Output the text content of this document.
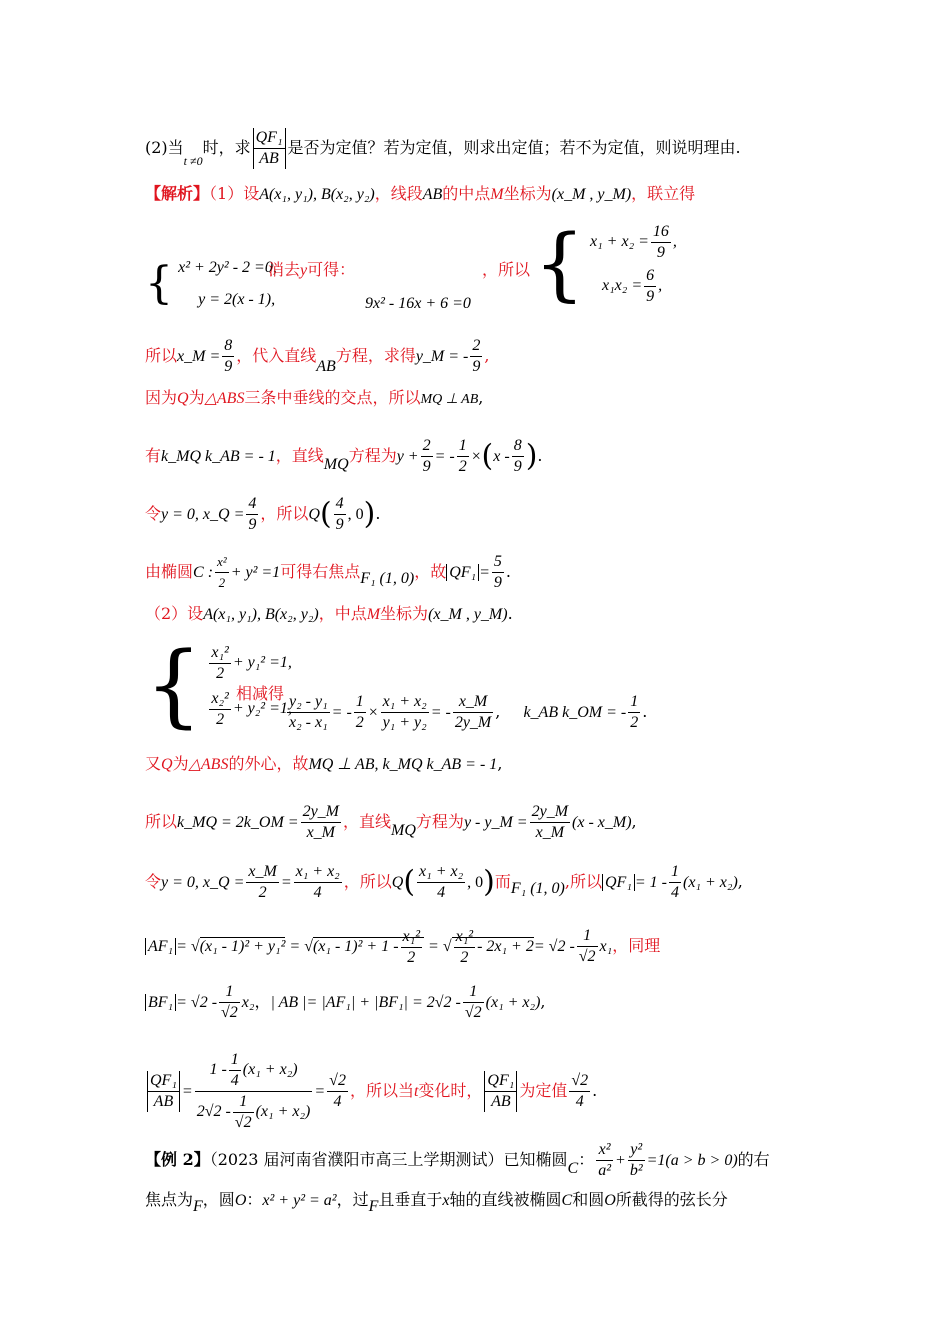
(2)当$_{t \ne 0}$时，求 $\frac{\text{QF₁}}{AB}$ 是否为定值？若为定值，则求出定值；若不为定值，则说明理由.
【解析】（1）设A(x₁, y₁), B(x₂, y₂)，线段AB的中点M坐标为(x_M , y_M)，联立得
{ x² + 2y² - 2 =0,
y = 2(x - 1),
消去y可得：
9x² - 16x + 6 =0
，所以 { $x_1 + x_2 = \frac{16}{9}$ ,
$x_1x_2 = \frac{6}{9}$ ,
所以x_M = $\frac{8}{9}$ ，代入直线AB方程，求得y_M = - $\frac{2}{9}$ ,
因为Q为△ABS三条中垂线的交点，所以MQ ⊥ AB,
有k_MQ k_AB = - 1，直线MQ方程为$y + \frac{2}{9}$ = - $\frac{1}{2} \times(x - \frac{8}{9}$ ).
令y = 0, x_Q = $\frac{4}{9}$ ，所以$Q( \frac{4}{9}$ , 0).
由椭圆C : $\frac{\text{x²}}{2} + y^2 =1$可得右焦点F₁ (1, 0)，故 $QF_1 = \frac{5}{9}$ .
（2）设A(x₁, y₁), B(x₂, y₂)，中点M坐标为(x_M , y_M).
{ $\frac{\text{x₁²}}{2} + y_1^2 =1$,
$\frac{\text{x₂²}}{2} + y_2^2 =1$,
相减得 $\frac{\text{y₂ - y₁}}{\text{x₂ - x₁}}$ = - $\frac{1}{2} \times \frac{\text{x₁ + x₂}}{\text{y₁ + y₂}}$ = - $\frac{x\_M}{2y\_M}$ , k_AB k_OM = - $\frac{1}{2}$ .
又Q为△ABS的外心，故MQ ⊥ AB, k_MQ k_AB = - 1,
所以k_MQ = 2k_OM = $\frac{2y\_M}{x\_M}$ ，直线MQ方程为y - y_M = $\frac{2y\_M}{x\_M} (x$ - x_M),
令y = 0, x_Q = $\frac{x\_M}{2} = \frac{\text{x₁ + x₂}}{4}$ ，所以$Q( \frac{\text{x₁ + x₂}}{4}$ , 0)而F₁ (1, 0),所以 $QF_1 = 1 - \frac{1}{4} (x_1 + x_2)$,
$AF_1 = √(x_1 - 1)^2 + y_1^2 = √(x_1 - 1)^2 + 1 - \frac{\text{x₁²}}{2}$ = √ $\frac{\text{x₁²}}{2} - 2x_1 + 2= √2 - \frac{1}{√2} x_1$，同理
$BF_1 = √2 - \frac{1}{√2} x_2$，| AB |= $|AF_1| + |BF_1| = 2√2 - \frac{1}{√2} (x_1 + x_2)$,
$\frac{\text{QF₁}}{AB} = \frac{1 - \frac{1}{4} (x_1 + x_2)}{2√2 - \frac{1}{√2} (x_1 + x_2)} = \frac{√2}{4}$ ，所以当t变化时， $\frac{\text{QF₁}}{AB}$ 为定值 $\frac{√2}{4}$ .
【例 2】（2023 届河南省濮阳市高三上学期测试）已知椭圆C： $\frac{\text{x²}}{\text{a²}} + \frac{\text{y²}}{\text{b²}} =1(a > b > 0)$的右
焦点为F，圆O：x² + y² = a²，过F且垂直于x轴的直线被椭圆C和圆O所截得的弦长分
